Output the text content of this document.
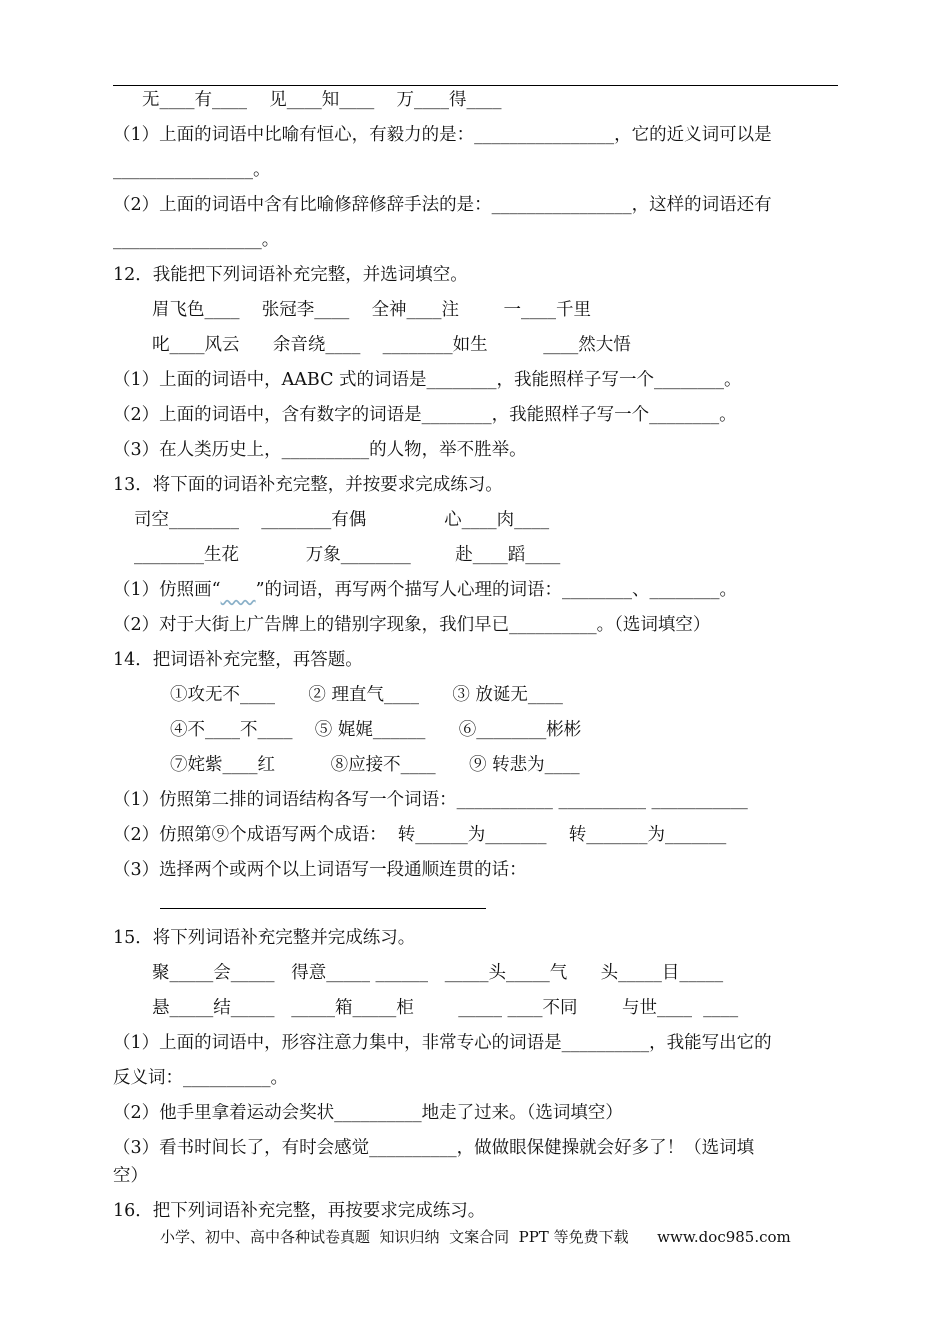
无____有____    见____知____    万____得____
（1）上面的词语中比喻有恒心，有毅力的是：________________，它的近义词可以是
________________。
（2）上面的词语中含有比喻修辞修辞手法的是：________________，这样的词语还有
_________________。
12．我能把下列词语补充完整，并选词填空。
眉飞色____    张冠李____    全神____注        一____千里
叱____风云      余音绕____    ________如生          ____然大悟
（1）上面的词语中，AABC 式的词语是________，我能照样子写一个________。
（2）上面的词语中，含有数字的词语是________，我能照样子写一个________。
（3）在人类历史上，__________的人物，举不胜举。
13．将下面的词语补充完整，并按要求完成练习。
司空________    ________有偶              心____肉____
________生花            万象________        赴____蹈____
（1）仿照画“ ”的词语，再写两个描写人心理的词语：________、________。
（2）对于大街上广告牌上的错别字现象，我们早已__________。（选词填空）
14．把词语补充完整，再答题。
①攻无不____      ② 理直气____      ③ 放诞无____
④不____不____    ⑤ 娓娓______      ⑥________彬彬
⑦姹紫____红          ⑧应接不____      ⑨ 转悲为____
（1）仿照第二排的词语结构各写一个词语：___________ __________ ___________
（2）仿照第⑨个成语写两个成语：  转______为_______    转_______为_______
（3）选择两个或两个以上词语写一段通顺连贯的话：
15．将下列词语补充完整并完成练习。
聚_____会_____   得意_____ ______   _____头_____气      头_____目_____
悬_____结_____   _____箱_____柜        _____ ____不同        与世____  ____
（1）上面的词语中，形容注意力集中，非常专心的词语是__________，我能写出它的
反义词：__________。
（2）他手里拿着运动会奖状__________地走了过来。（选词填空）
（3）看书时间长了，有时会感觉__________，做做眼保健操就会好多了！（选词填
空）
16．把下列词语补充完整，再按要求完成练习。
小学、初中、高中各种试卷真题  知识归纳  文案合同  PPT 等免费下载      www.doc985.com
